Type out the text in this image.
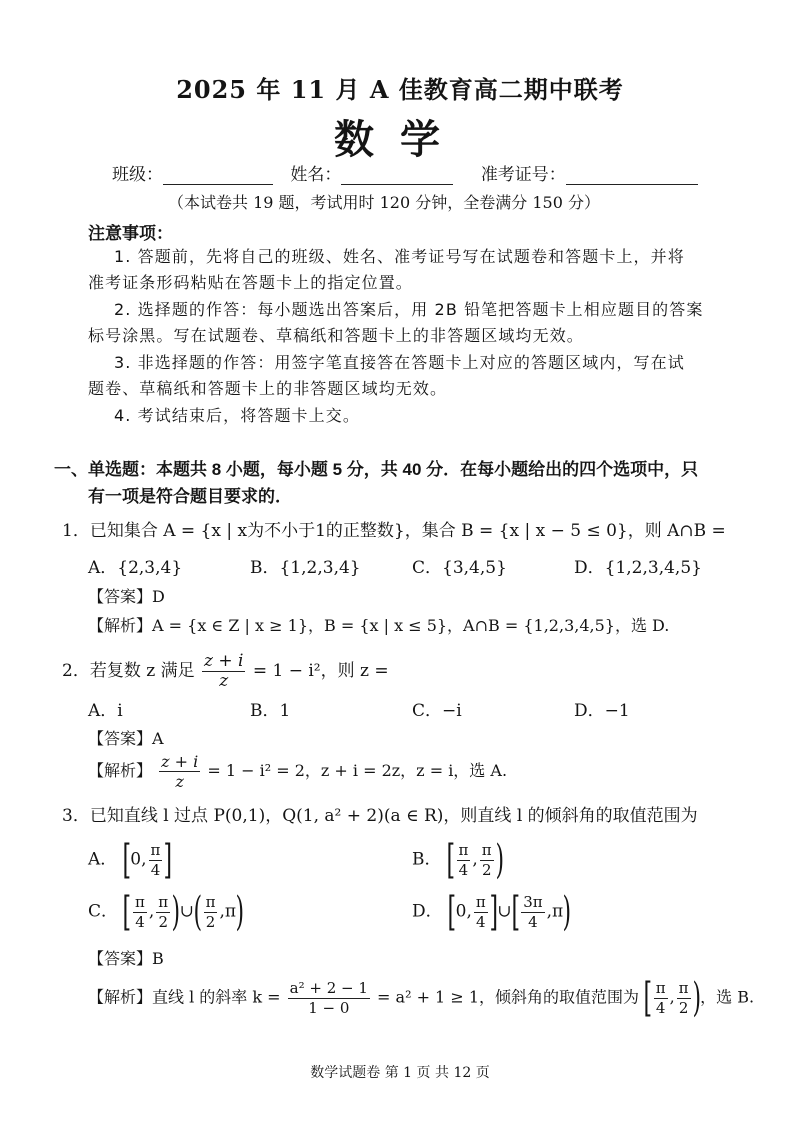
2025 年 11 月 A 佳教育高二期中联考
数学
班级：	姓名：	准考证号：
（本试卷共 19 题，考试用时 120 分钟，全卷满分 150 分）
注意事项：
1. 答题前，先将自己的班级、姓名、准考证号写在试题卷和答题卡上，并将
准考证条形码粘贴在答题卡上的指定位置。
2. 选择题的作答：每小题选出答案后，用 2B 铅笔把答题卡上相应题目的答案
标号涂黑。写在试题卷、草稿纸和答题卡上的非答题区域均无效。
3. 非选择题的作答：用签字笔直接答在答题卡上对应的答题区域内，写在试
题卷、草稿纸和答题卡上的非答题区域均无效。
4. 考试结束后，将答题卡上交。
一、单选题：本题共 8 小题，每小题 5 分，共 40 分．在每小题给出的四个选项中，只
有一项是符合题目要求的．
1．已知集合 A = {x | x为不小于1的正整数}，集合 B = {x | x − 5 ≤ 0}，则 A∩B =
A．{2,3,4}	B．{1,2,3,4}	C．{3,4,5}	D．{1,2,3,4,5}
【答案】D
【解析】A = {x ∈ Z | x ≥ 1}，B = {x | x ≤ 5}，A∩B = {1,2,3,4,5}，选 D.
2．若复数 z 满足 $\frac{z + i}{z} = 1 - i^2$，则 z =
A．i	B．1	C．−i	D．−1
【答案】A
【解析】 $\frac{z + i}{z} = 1 - i^2 = 2$，z + i = 2z，z = i，选 A.
3．已知直线 l 过点 P(0,1)，Q(1, a² + 2)(a ∈ R)，则直线 l 的倾斜角的取值范围为
A． [0, $\frac{\pi}{4}$ ]	B． [ $\frac{\pi}{4}$ , $\frac{\pi}{2}$ )
C． [ $\frac{\pi}{4}$ , $\frac{\pi}{2}$ )∪( $\frac{\pi}{2} ,\pi$)	D． [0, $\frac{\pi}{4}$ ]∪[ $\frac{3\pi}{4} ,\pi$)
【答案】B
【解析】直线 l 的斜率 $k = \frac{\text{a² + 2 − 1}}{1 - 0} = a^2 + 1 \ge 1$，倾斜角的取值范围为 [ $\frac{\pi}{4}$ , $\frac{\pi}{2}$ )，选 B.
数学试题卷 第 1 页 共 12 页
